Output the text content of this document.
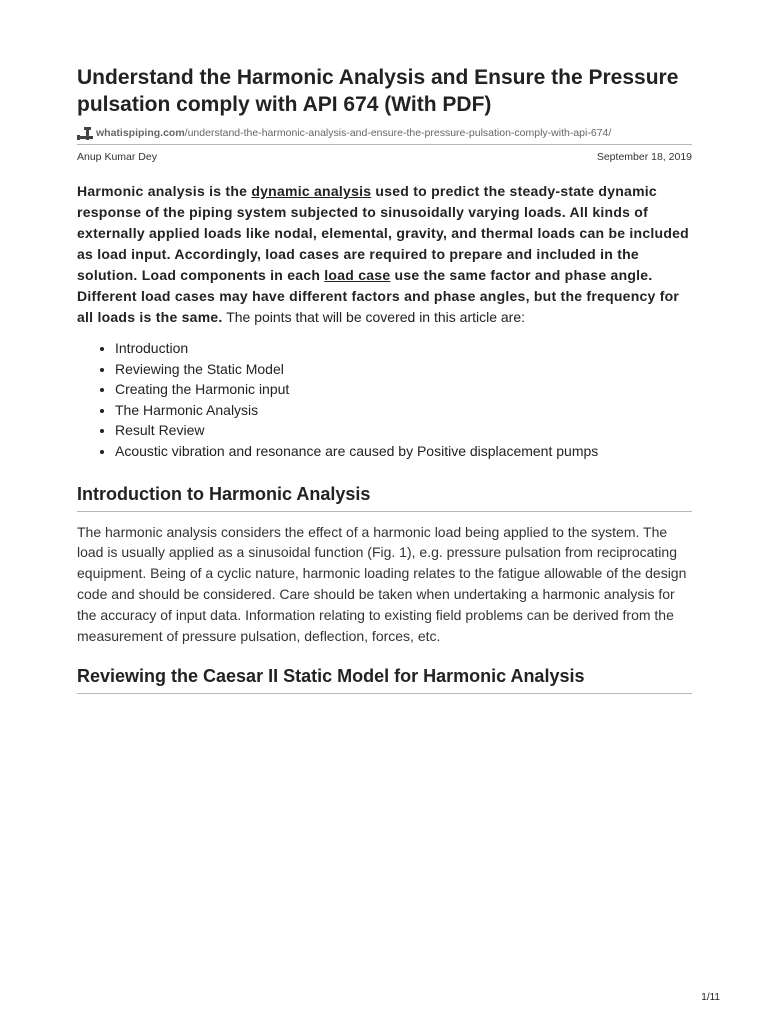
Understand the Harmonic Analysis and Ensure the Pressure pulsation comply with API 674 (With PDF)
whatispiping.com/understand-the-harmonic-analysis-and-ensure-the-pressure-pulsation-comply-with-api-674/
Anup Kumar Dey	September 18, 2019

Harmonic analysis is the dynamic analysis used to predict the steady-state dynamic response of the piping system subjected to sinusoidally varying loads. All kinds of externally applied loads like nodal, elemental, gravity, and thermal loads can be included as load input. Accordingly, load cases are required to prepare and included in the solution. Load components in each load case use the same factor and phase angle. Different load cases may have different factors and phase angles, but the frequency for all loads is the same. The points that will be covered in this article are:

• Introduction
• Reviewing the Static Model
• Creating the Harmonic input
• The Harmonic Analysis
• Result Review
• Acoustic vibration and resonance are caused by Positive displacement pumps
Introduction to Harmonic Analysis

The harmonic analysis considers the effect of a harmonic load being applied to the system. The load is usually applied as a sinusoidal function (Fig. 1), e.g. pressure pulsation from reciprocating equipment. Being of a cyclic nature, harmonic loading relates to the fatigue allowable of the design code and should be considered. Care should be taken when undertaking a harmonic analysis for the accuracy of input data. Information relating to existing field problems can be derived from the measurement of pressure pulsation, deflection, forces, etc.

Reviewing the Caesar II Static Model for Harmonic Analysis
1/11
